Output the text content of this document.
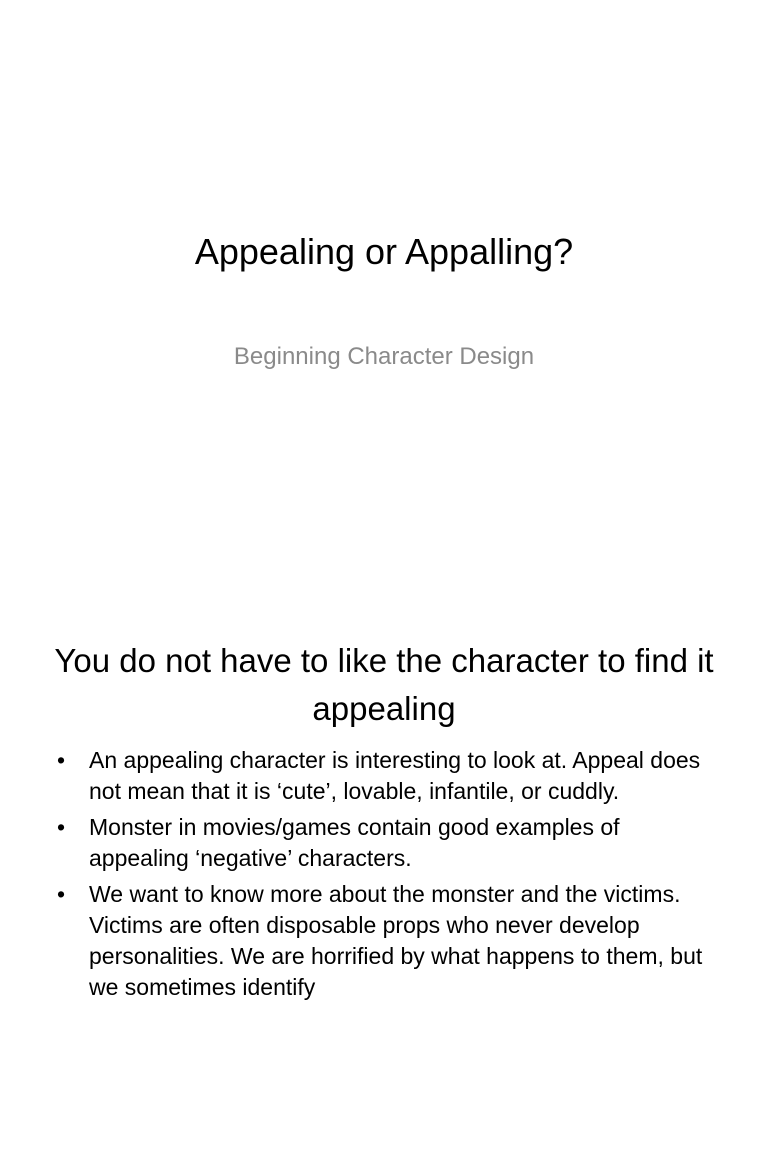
Appealing or Appalling?
Beginning Character Design
You do not have to like the character to find it appealing
• An appealing character is interesting to look at. Appeal does not mean that it is ‘cute’, lovable, infantile, or cuddly.
• Monster in movies/games contain good examples of appealing ‘negative’ characters.
• We want to know more about the monster and the victims. Victims are often disposable props who never develop personalities. We are horrified by what happens to them, but we sometimes identify
